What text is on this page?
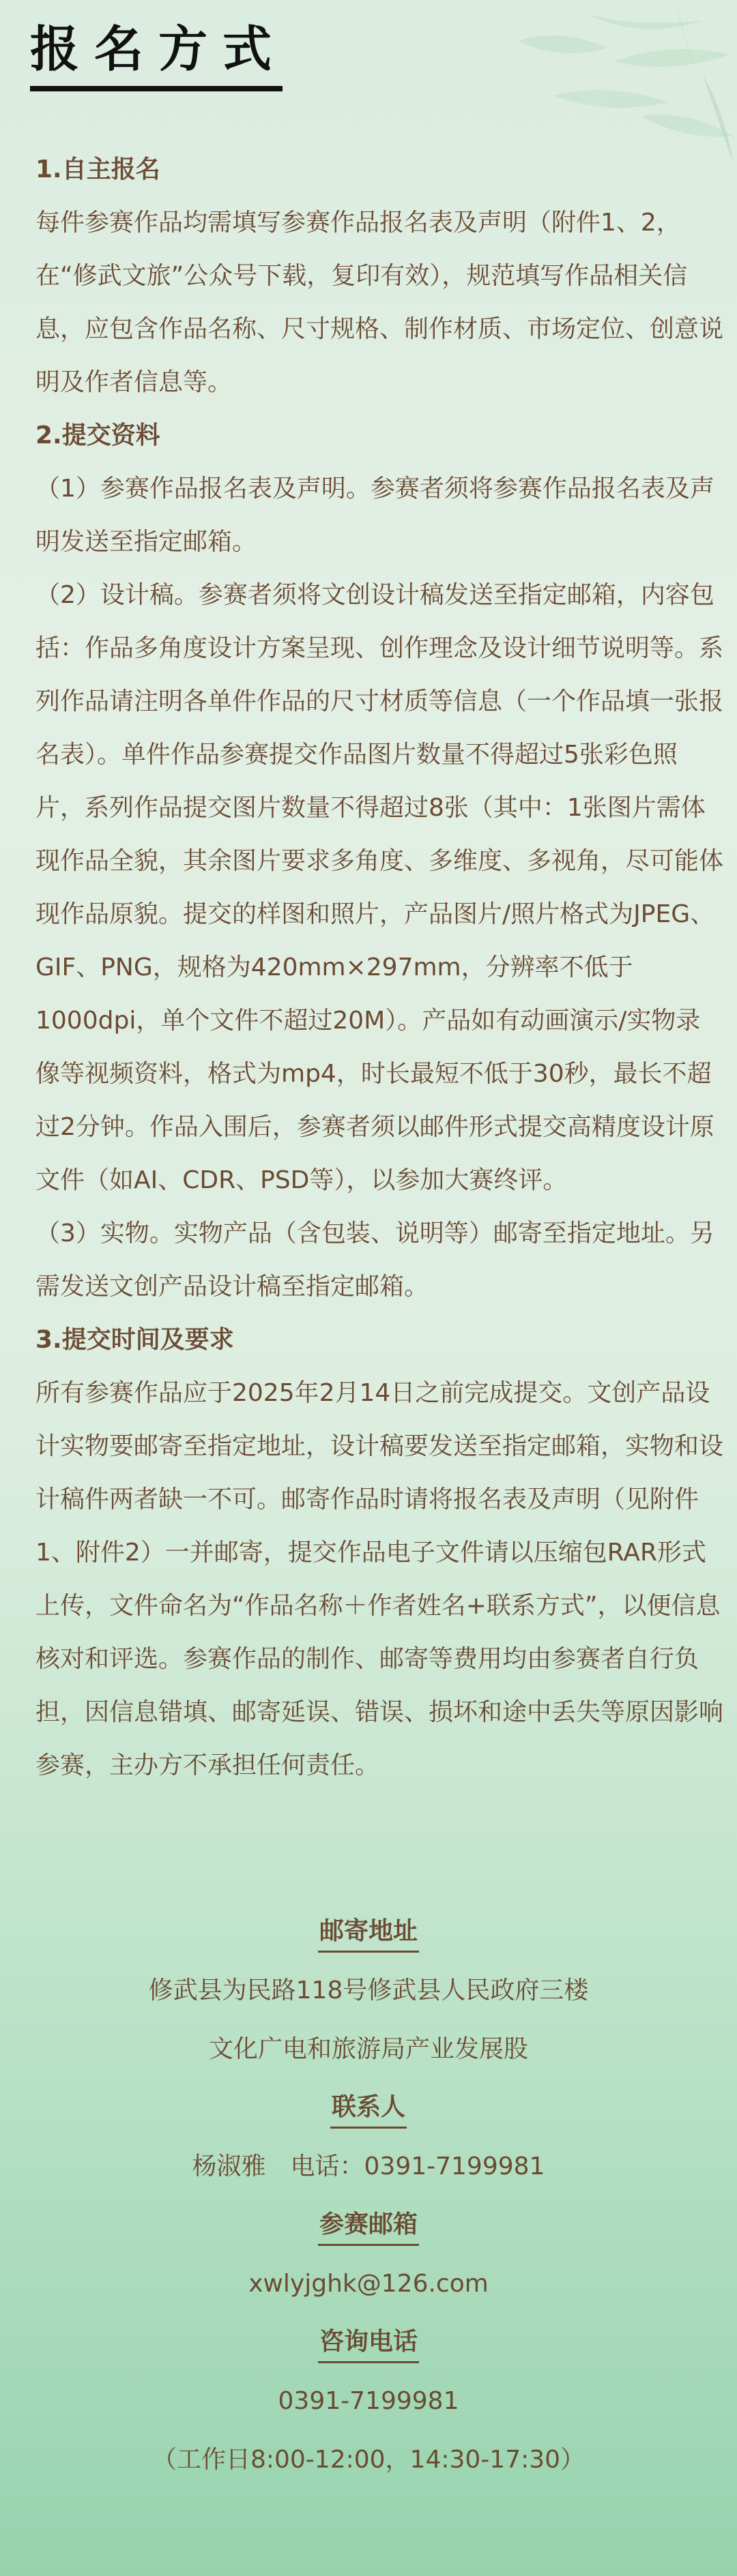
报名方式
1.自主报名

每件参赛作品均需填写参赛作品报名表及声明（附件1、2，在“修武文旅”公众号下载，复印有效），规范填写作品相关信息，应包含作品名称、尺寸规格、制作材质、市场定位、创意说明及作者信息等。

2.提交资料

（1）参赛作品报名表及声明。参赛者须将参赛作品报名表及声明发送至指定邮箱。

（2）设计稿。参赛者须将文创设计稿发送至指定邮箱，内容包括：作品多角度设计方案呈现、创作理念及设计细节说明等。系列作品请注明各单件作品的尺寸材质等信息（一个作品填一张报名表）。单件作品参赛提交作品图片数量不得超过5张彩色照片，系列作品提交图片数量不得超过8张（其中：1张图片需体现作品全貌，其余图片要求多角度、多维度、多视角，尽可能体现作品原貌。提交的样图和照片，产品图片/照片格式为JPEG、GIF、PNG，规格为420mm×297mm，分辨率不低于1000dpi，单个文件不超过20M）。产品如有动画演示/实物录像等视频资料，格式为mp4，时长最短不低于30秒，最长不超过2分钟。作品入围后，参赛者须以邮件形式提交高精度设计原文件（如AI、CDR、PSD等），以参加大赛终评。

（3）实物。实物产品（含包装、说明等）邮寄至指定地址。另需发送文创产品设计稿至指定邮箱。

3.提交时间及要求

所有参赛作品应于2025年2月14日之前完成提交。文创产品设计实物要邮寄至指定地址，设计稿要发送至指定邮箱，实物和设计稿件两者缺一不可。邮寄作品时请将报名表及声明（见附件1、附件2）一并邮寄，提交作品电子文件请以压缩包RAR形式上传，文件命名为“作品名称＋作者姓名+联系方式”，以便信息核对和评选。参赛作品的制作、邮寄等费用均由参赛者自行负担，因信息错填、邮寄延误、错误、损坏和途中丢失等原因影响参赛，主办方不承担任何责任。

邮寄地址
修武县为民路118号修武县人民政府三楼
文化广电和旅游局产业发展股
联系人
杨淑雅　电话：0391-7199981
参赛邮箱
xwlyjghk@126.com
咨询电话
0391-7199981
（工作日8:00-12:00，14:30-17:30）
